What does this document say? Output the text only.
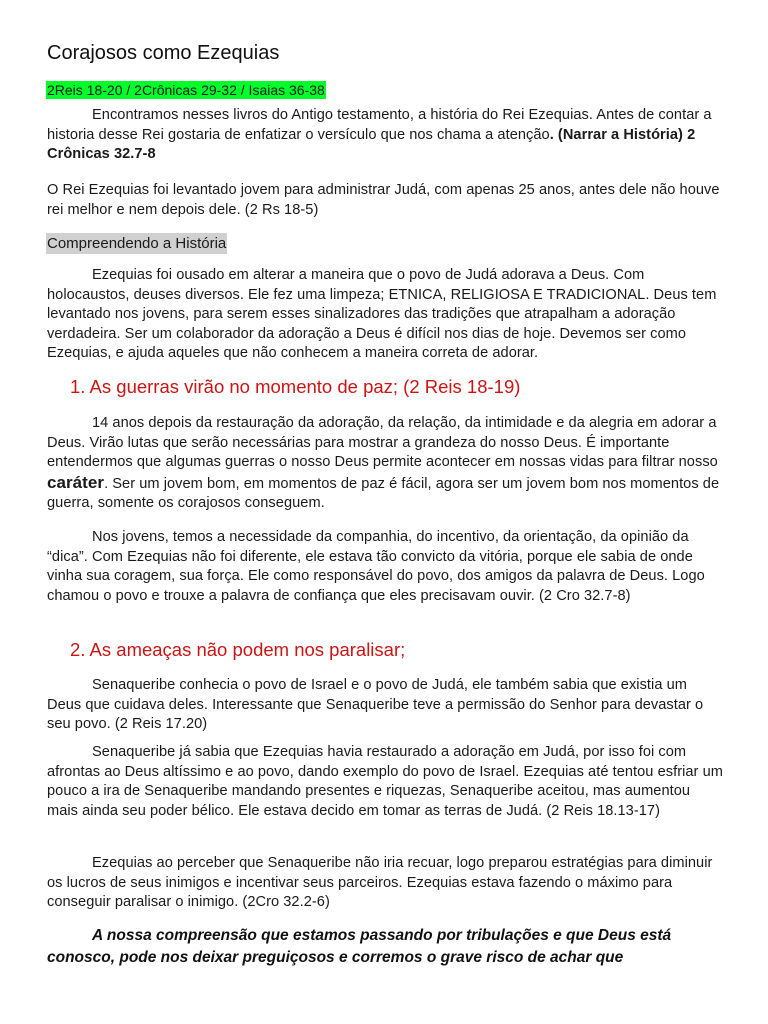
Corajosos como Ezequias
2Reis 18-20 / 2Crônicas 29-32 / Isaias 36-38

Encontramos nesses livros do Antigo testamento, a história do Rei Ezequias. Antes de contar a historia desse Rei gostaria de enfatizar o versículo que nos chama a atenção. (Narrar a História) 2 Crônicas 32.7-8

O Rei Ezequias foi levantado jovem para administrar Judá, com apenas 25 anos, antes dele não houve rei melhor e nem depois dele. (2 Rs 18-5)

Compreendendo a História

Ezequias foi ousado em alterar a maneira que o povo de Judá adorava a Deus. Com holocaustos, deuses diversos. Ele fez uma limpeza; ETNICA, RELIGIOSA E TRADICIONAL. Deus tem levantado nos jovens, para serem esses sinalizadores das tradições que atrapalham a adoração verdadeira. Ser um colaborador da adoração a Deus é difícil nos dias de hoje. Devemos ser como Ezequias, e ajuda aqueles que não conhecem a maneira correta de adorar.

1. As guerras virão no momento de paz; (2 Reis 18-19)

14 anos depois da restauração da adoração, da relação, da intimidade e da alegria em adorar a Deus. Virão lutas que serão necessárias para mostrar a grandeza do nosso Deus. É importante entendermos que algumas guerras o nosso Deus permite acontecer em nossas vidas para filtrar nosso caráter. Ser um jovem bom, em momentos de paz é fácil, agora ser um jovem bom nos momentos de guerra, somente os corajosos conseguem.

Nos jovens, temos a necessidade da companhia, do incentivo, da orientação, da opinião da “dica”. Com Ezequias não foi diferente, ele estava tão convicto da vitória, porque ele sabia de onde vinha sua coragem, sua força. Ele como responsável do povo, dos amigos da palavra de Deus. Logo chamou o povo e trouxe a palavra de confiança que eles precisavam ouvir. (2 Cro 32.7-8)

2. As ameaças não podem nos paralisar;

Senaqueribe conhecia o povo de Israel e o povo de Judá, ele também sabia que existia um Deus que cuidava deles. Interessante que Senaqueribe teve a permissão do Senhor para devastar o seu povo. (2 Reis 17.20)

Senaqueribe já sabia que Ezequias havia restaurado a adoração em Judá, por isso foi com afrontas ao Deus altíssimo e ao povo, dando exemplo do povo de Israel. Ezequias até tentou esfriar um pouco a ira de Senaqueribe mandando presentes e riquezas, Senaqueribe aceitou, mas aumentou mais ainda seu poder bélico. Ele estava decido em tomar as terras de Judá. (2 Reis 18.13-17)

Ezequias ao perceber que Senaqueribe não iria recuar, logo preparou estratégias para diminuir os lucros de seus inimigos e incentivar seus parceiros. Ezequias estava fazendo o máximo para conseguir paralisar o inimigo. (2Cro 32.2-6)

A nossa compreensão que estamos passando por tribulações e que Deus está conosco, pode nos deixar preguiçosos e corremos o grave risco de achar que
